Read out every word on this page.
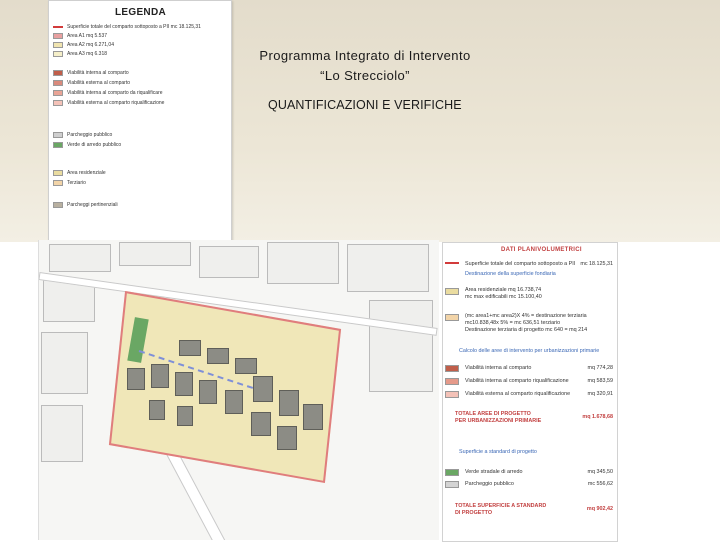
Programma Integrato di Intervento
“Lo Strecciolo”
QUANTIFICAZIONI E VERIFICHE
LEGENDA
Superficie totale del comparto sottoposto a PII mc 18.125,31
Area A1 mq 5.537
Area A2 mq 6.271,04
Area A3 mq 6.318
Viabilità interna al comparto
Viabilità esterna al comparto
Viabilità interna al comparto da riqualificare
Viabilità esterna al comparto riqualificazione
Parcheggio pubblico
Verde di arredo pubblico
Area residenziale
Terziario
Parcheggi pertinenziali
DATI PLANIVOLUMETRICI
Superficie totale del comparto sottoposto a PII mc 18.125,31
Destinazione della superficie fondiaria
Area residenziale mq 16.738,74
mc max edificabili mc 15.100,40
(mc area1+mc area2)X 4% = destinazione terziaria
mc10.838,48x 5% = mc 636,51 terziario
Destinazione terziaria di progetto mc 640 = mq 214
Calcolo delle aree di intervento per urbanizzazioni primarie
Viabilità interna al comparto	mq 774,28
Viabilità interna al comparto riqualificazione	mq 583,59
Viabilità esterna al comparto riqualificazione	mq 320,91
TOTALE AREE DI PROGETTO
PER URBANIZZAZIONI PRIMARIE
mq 1.678,68
Superficie a standard di progetto
Verde stradale di arredo	mq 345,50
Parcheggio pubblico	mc 556,62
TOTALE SUPERFICIE A STANDARD
DI PROGETTO
mq 902,42
